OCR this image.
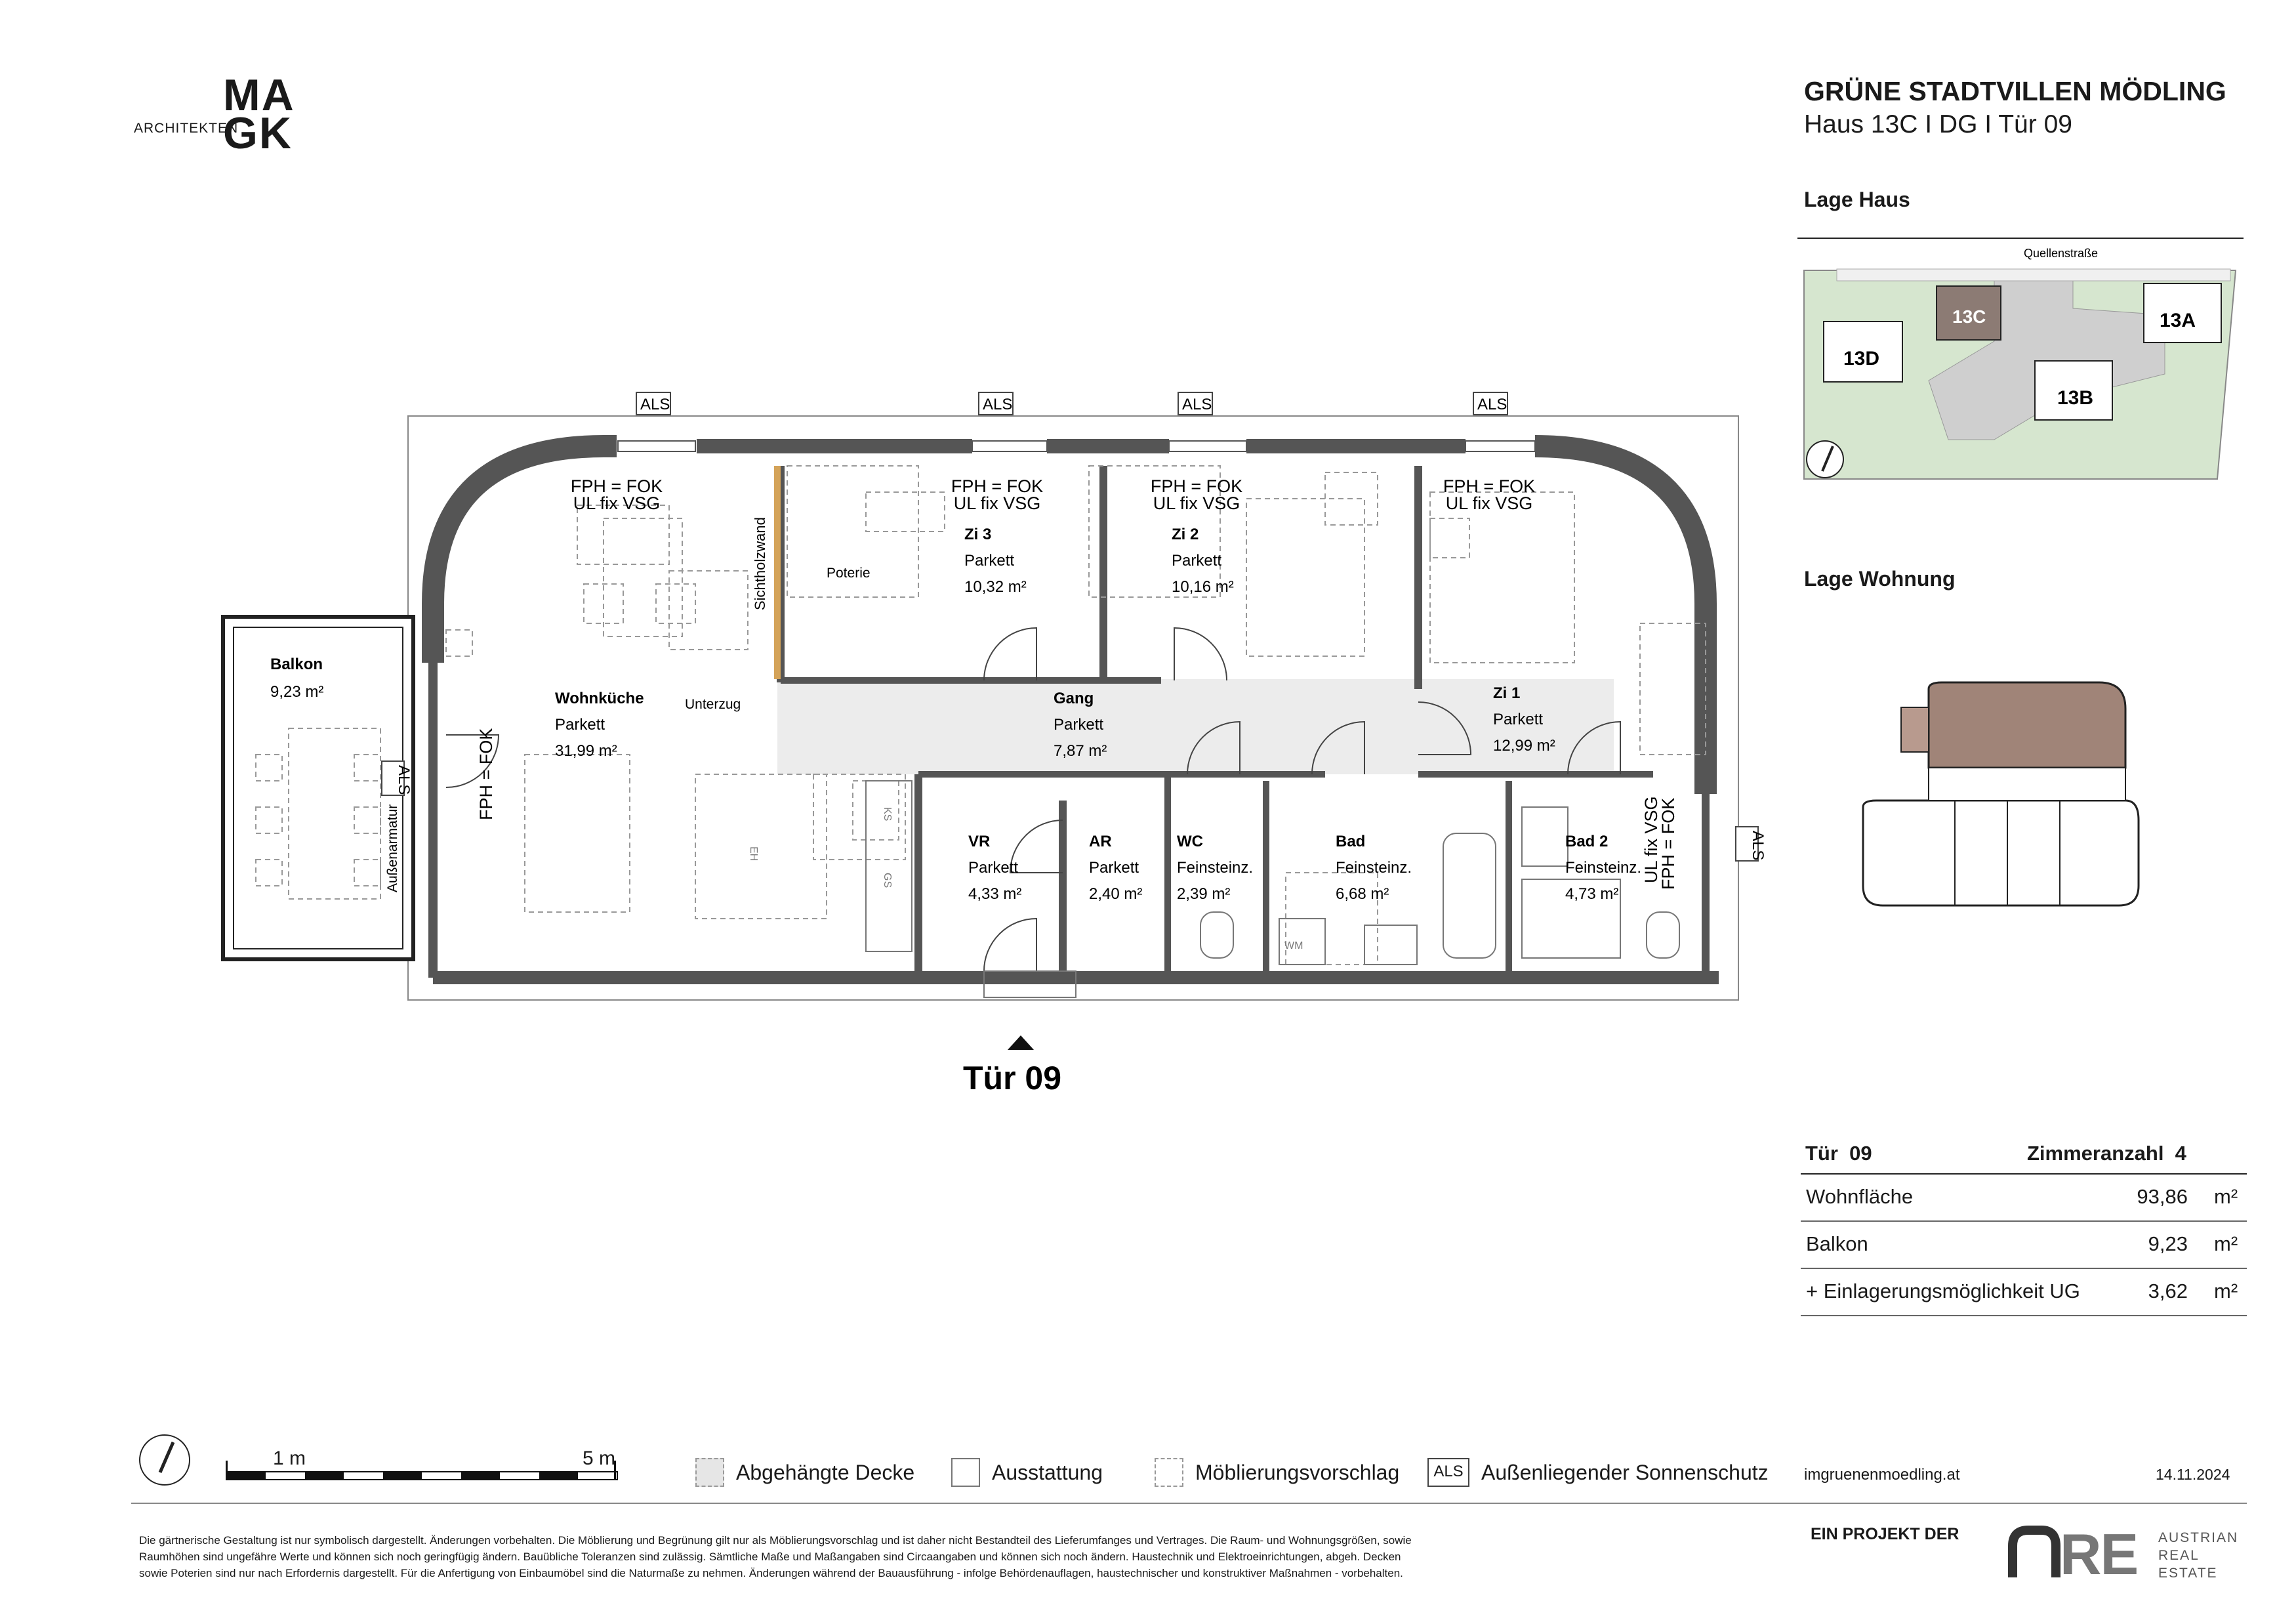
ARCHITEKTEN
MA
GK
GRÜNE STADTVILLEN MÖDLING
Haus 13C I DG I Tür 09
Lage Haus
Quellenstraße
13C	13A
13D
13B
Lage Wohnung
WM
KS
GS
EH
ALS	ALS	ALS	ALS
ALS
ALS
FPH = FOK
UL fix VSG
FPH = FOK
UL fix VSG
FPH = FOK
UL fix VSG
FPH = FOK
UL fix VSG
Sichtholzwand	Poterie
Unterzug
Außenarmatur
FPH = FOK
UL fix VSG
FPH = FOK
Balkon
9,23 m²	Wohnküche
Parkett
31,99 m²
Zi 3
Parkett
10,32 m²
Zi 2
Parkett
10,16 m²
Zi 1
Parkett
12,99 m²
Gang
Parkett
7,87 m²
VR
Parkett
4,33 m²
AR
Parkett
2,40 m²
WC
Feinsteinz.
2,39 m²
Bad
Feinsteinz.
6,68 m²
Bad 2
Feinsteinz.
4,73 m²
Tür 09
Tür  09	Zimmeranzahl  4
Wohnfläche	93,86 m²
Balkon	9,23 m²
+ Einlagerungsmöglichkeit UG	3,62 m²
1 m	5 m
Abgehängte Decke	Ausstattung	Möblierungsvorschlag	ALS Außenliegender Sonnenschutz imgruenenmoedling.at	14.11.2024
Die gärtnerische Gestaltung ist nur symbolisch dargestellt. Änderungen vorbehalten. Die Möblierung und Begrünung gilt nur als Möblierungsvorschlag und ist daher nicht Bestandteil des Lieferumfanges und Vertrages. Die Raum- und Wohnungsgrößen, sowie
Raumhöhen sind ungefähre Werte und können sich noch geringfügig ändern. Bauübliche Toleranzen sind zulässig. Sämtliche Maße und Maßangaben sind Circaangaben und können sich noch ändern. Haustechnik und Elektroeinrichtungen, abgeh. Decken
sowie Poterien sind nur nach Erfordernis dargestellt. Für die Anfertigung von Einbaumöbel sind die Naturmaße zu nehmen. Änderungen während der Bauausführung - infolge Behördenauflagen, haustechnischer und konstruktiver Maßnahmen - vorbehalten.
EIN PROJEKT DER RE AUSTRIAN
REAL
ESTATE
